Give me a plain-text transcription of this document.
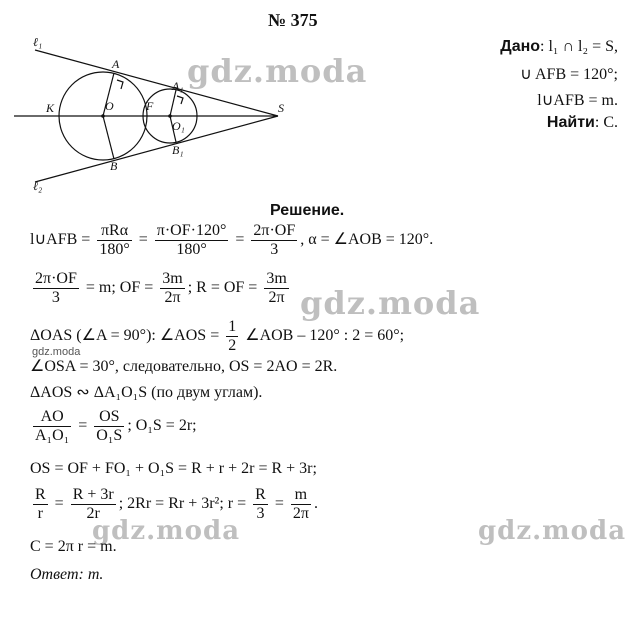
№ 375
Дано: l₁ ∩ l₂ = S,
∪ AFB = 120°;
l∪AFB = m.
Найти: C.
ℓ₁
ℓ₂
A
A₁
K	O	F
O₁
S
B
B₁
gdz.moda
gdz.moda
gdz.moda	gdz.moda
gdz.moda
Решение.
l∪AFB = $\frac{\text{πRα}}{180^\circ} = \frac{\pi\cdot OF\cdot 120^\circ}{180^\circ} = \frac{2\pi\cdot OF}{3}$ , α = ∠AOB = 120°.
$\frac{2\pi\cdot OF}{3} = m$; OF = $\frac{3m}{2\pi}$ ; R = OF = $\frac{3m}{2\pi}$
ΔOAS (∠A = 90°): ∠AOS = $\frac{1}{2}$ ∠AOB – 120° : 2 = 60°;
∠OSA = 30°, следовательно, OS = 2AO = 2R.
ΔAOS ∾ ΔA₁O₁S (по двум углам).
$\frac{AO}{\text{A₁O₁}} = \frac{OS}{\text{O₁S}}$ ; O₁S = 2r;
OS = OF + FO₁ + O₁S = R + r + 2r = R + 3r;
$\frac{R}{r} = \frac{R + 3r}{2r}$ ; 2Rr = Rr + 3r²; $r = \frac{R}{3} = \frac{m}{2\pi}$ .
C = 2π r = m.
Ответ: m.
